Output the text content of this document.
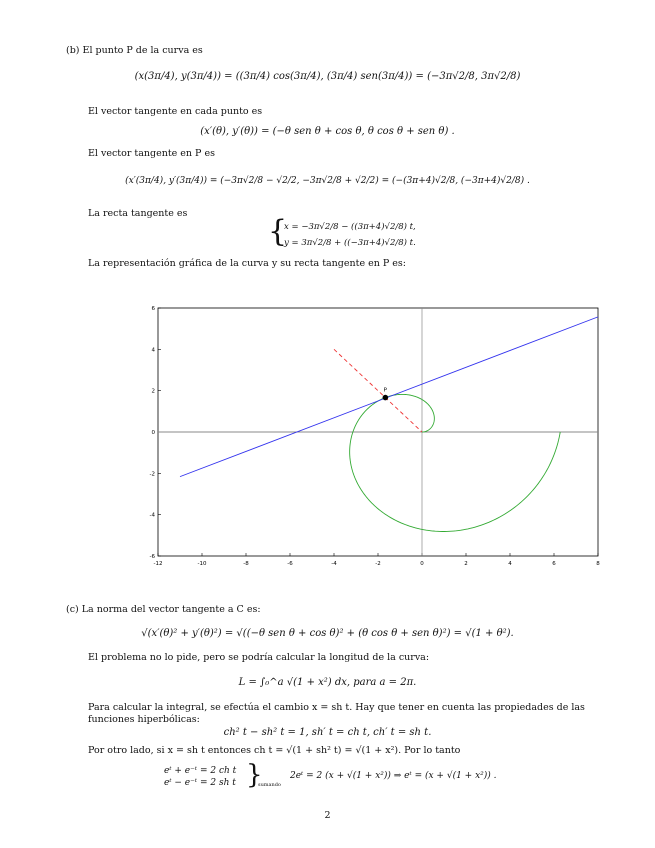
(b) El punto P de la curva es
(x(3π/4), y(3π/4)) = ((3π/4) cos(3π/4), (3π/4) sen(3π/4)) = (−3π√2/8, 3π√2/8)
El vector tangente en cada punto es
(x′(θ), y′(θ)) = (−θ sen θ + cos θ, θ cos θ + sen θ) .
El vector tangente en P es
(x′(3π/4), y′(3π/4)) = (−3π√2/8 − √2/2, −3π√2/8 + √2/2) = (−(3π+4)√2/8, (−3π+4)√2/8) .
La recta tangente es
{
x = −3π√2/8 − ((3π+4)√2/8) t,
y = 3π√2/8 + ((−3π+4)√2/8) t.
La representación gráfica de la curva y su recta tangente en P es:
-12	-10	-8	-6	-4	-2	0	2	4	6	8
6
4
2
0
-2
-4
-6
P
(c) La norma del vector tangente a C es:
√(x′(θ)² + y′(θ)²) = √((−θ sen θ + cos θ)² + (θ cos θ + sen θ)²) = √(1 + θ²).
El problema no lo pide, pero se podría calcular la longitud de la curva:
L = ∫₀^a √(1 + x²) dx, para a = 2π.
Para calcular la integral, se efectúa el cambio x = sh t. Hay que tener en cuenta las propiedades de las
funciones hiperbólicas:
ch² t − sh² t = 1, sh′ t = ch t, ch′ t = sh t.
Por otro lado, si x = sh t entonces ch t = √(1 + sh² t) = √(1 + x²). Por lo tanto
eᵗ + e⁻ᵗ = 2 ch t
eᵗ − e⁻ᵗ = 2 sh t }
sumando
2eᵗ = 2 (x + √(1 + x²)) ⇒ eᵗ = (x + √(1 + x²)) .
2
